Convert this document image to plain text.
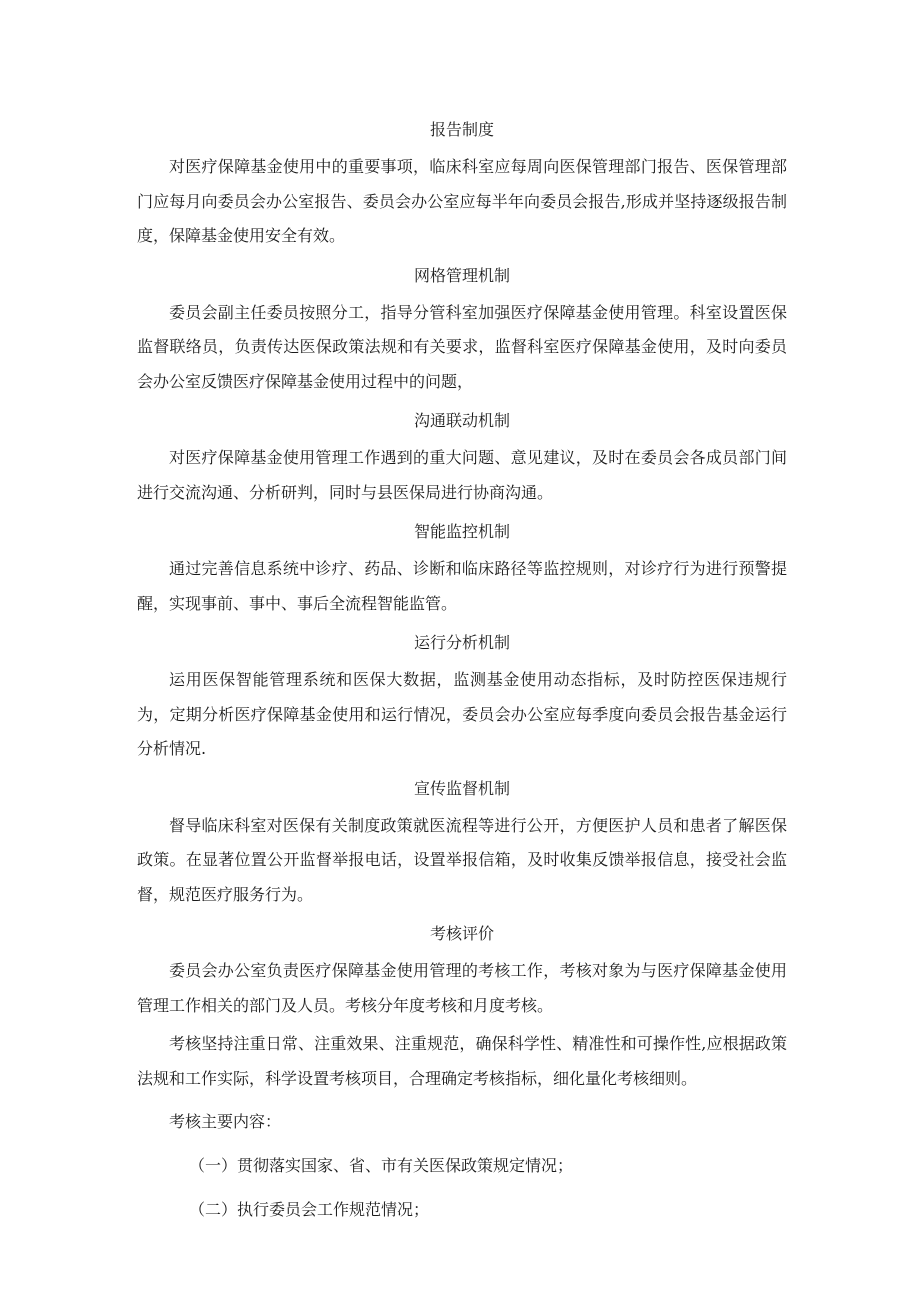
报告制度

对医疗保障基金使用中的重要事项，临床科室应每周向医保管理部门报告、医保管理部门应每月向委员会办公室报告、委员会办公室应每半年向委员会报告,形成并坚持逐级报告制度，保障基金使用安全有效。

网格管理机制

委员会副主任委员按照分工，指导分管科室加强医疗保障基金使用管理。科室设置医保监督联络员，负责传达医保政策法规和有关要求，监督科室医疗保障基金使用，及时向委员会办公室反馈医疗保障基金使用过程中的问题，

沟通联动机制

对医疗保障基金使用管理工作遇到的重大问题、意见建议，及时在委员会各成员部门间进行交流沟通、分析研判，同时与县医保局进行协商沟通。

智能监控机制

通过完善信息系统中诊疗、药品、诊断和临床路径等监控规则，对诊疗行为进行预警提醒，实现事前、事中、事后全流程智能监管。

运行分析机制

运用医保智能管理系统和医保大数据，监测基金使用动态指标，及时防控医保违规行为，定期分析医疗保障基金使用和运行情况，委员会办公室应每季度向委员会报告基金运行分析情况.

宣传监督机制

督导临床科室对医保有关制度政策就医流程等进行公开，方便医护人员和患者了解医保政策。在显著位置公开监督举报电话，设置举报信箱，及时收集反馈举报信息，接受社会监督，规范医疗服务行为。

考核评价

委员会办公室负责医疗保障基金使用管理的考核工作，考核对象为与医疗保障基金使用管理工作相关的部门及人员。考核分年度考核和月度考核。

考核坚持注重日常、注重效果、注重规范，确保科学性、精准性和可操作性,应根据政策法规和工作实际，科学设置考核项目，合理确定考核指标，细化量化考核细则。

考核主要内容：
（一）贯彻落实国家、省、市有关医保政策规定情况；
（二）执行委员会工作规范情况；
